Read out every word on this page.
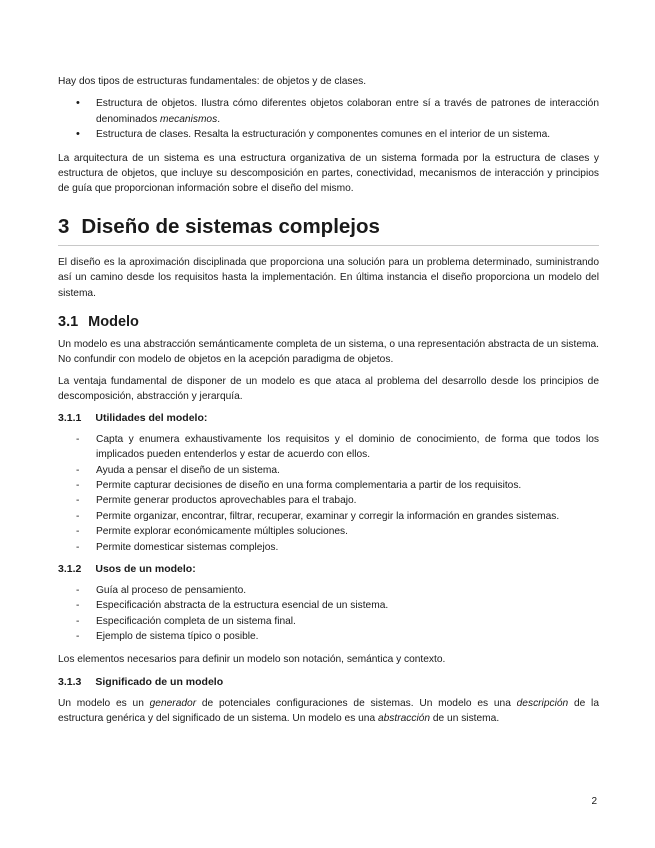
Hay dos tipos de estructuras fundamentales: de objetos y de clases.

• Estructura de objetos. Ilustra cómo diferentes objetos colaboran entre sí a través de patrones de interacción denominados mecanismos.
• Estructura de clases. Resalta la estructuración y componentes comunes en el interior de un sistema.

La arquitectura de un sistema es una estructura organizativa de un sistema formada por la estructura de clases y estructura de objetos, que incluye su descomposición en partes, conectividad, mecanismos de interacción y principios de guía que proporcionan información sobre el diseño del mismo.

3 Diseño de sistemas complejos

El diseño es la aproximación disciplinada que proporciona una solución para un problema determinado, suministrando así un camino desde los requisitos hasta la implementación. En última instancia el diseño proporciona un modelo del sistema.

3.1 Modelo

Un modelo es una abstracción semánticamente completa de un sistema, o una representación abstracta de un sistema. No confundir con modelo de objetos en la acepción paradigma de objetos.

La ventaja fundamental de disponer de un modelo es que ataca al problema del desarrollo desde los principios de descomposición, abstracción y jerarquía.

3.1.1 Utilidades del modelo:
- Capta y enumera exhaustivamente los requisitos y el dominio de conocimiento, de forma que todos los implicados pueden entenderlos y estar de acuerdo con ellos.
- Ayuda a pensar el diseño de un sistema.
- Permite capturar decisiones de diseño en una forma complementaria a partir de los requisitos.
- Permite generar productos aprovechables para el trabajo.
- Permite organizar, encontrar, filtrar, recuperar, examinar y corregir la información en grandes sistemas.
- Permite explorar económicamente múltiples soluciones.
- Permite domesticar sistemas complejos.
3.1.2 Usos de un modelo:
- Guía al proceso de pensamiento.
- Especificación abstracta de la estructura esencial de un sistema.
- Especificación completa de un sistema final.
- Ejemplo de sistema típico o posible.

Los elementos necesarios para definir un modelo son notación, semántica y contexto.

3.1.3 Significado de un modelo

Un modelo es un generador de potenciales configuraciones de sistemas. Un modelo es una descripción de la estructura genérica y del significado de un sistema. Un modelo es una abstracción de un sistema.

2
